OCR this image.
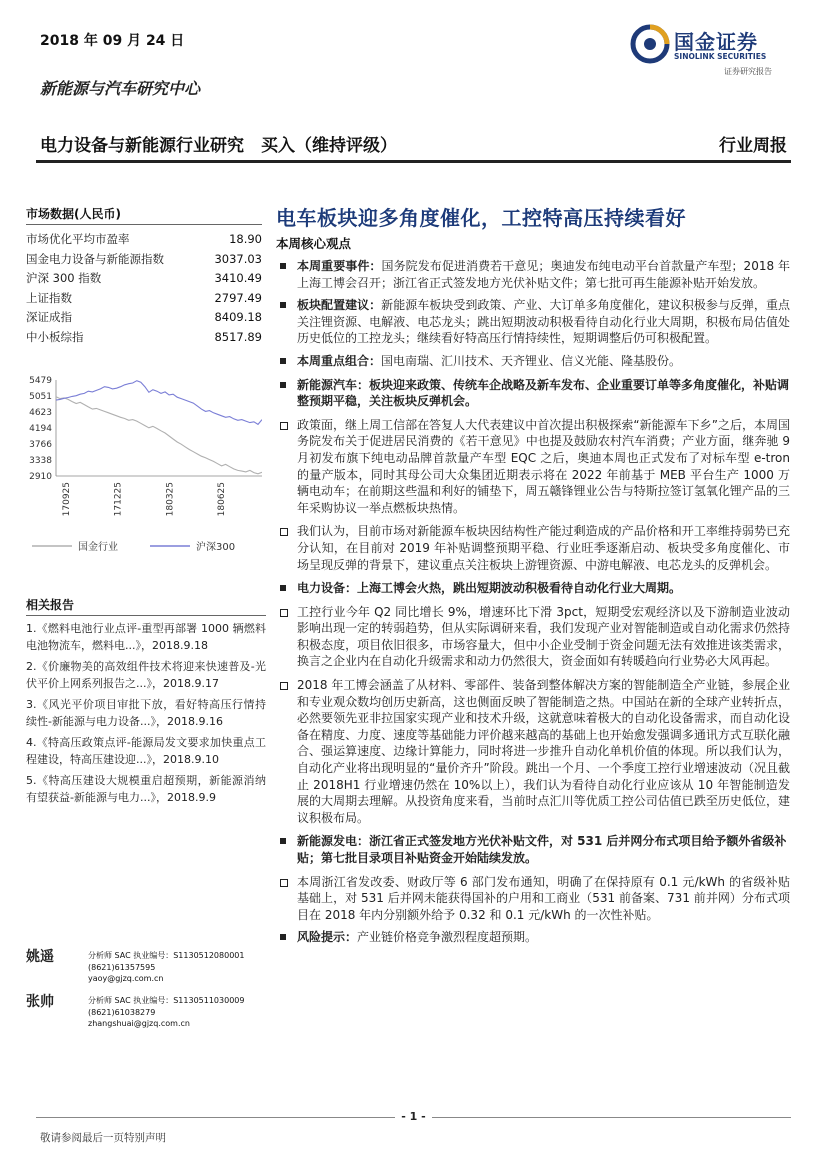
2018 年 09 月 24 日	国金证券
SINOLINK SECURITIES
证券研究报告
新能源与汽车研究中心
电力设备与新能源行业研究　买入（维持评级）	行业周报
市场数据(人民币)
市场优化平均市盈率	18.90
国金电力设备与新能源指数	3037.03
沪深 300 指数	3410.49
上证指数	2797.49
深证成指	8409.18
中小板综指	8517.89
5479
5051
4623
4194
3766
3338
2910
170925	171225	180325	180625
国金行业	沪深300
相关报告
1.《燃料电池行业点评-重型再部署 1000 辆燃料电池物流车，燃料电...》，2018.9.18
2.《价廉物美的高效组件技术将迎来快速普及-光伏平价上网系列报告之...》，2018.9.17
3.《风光平价项目审批下放，看好特高压行情持续性-新能源与电力设备...》，2018.9.16
4.《特高压政策点评-能源局发文要求加快重点工程建设，特高压建设迎...》，2018.9.10
5.《特高压建设大规模重启超预期，新能源消纳有望获益-新能源与电力...》，2018.9.9
姚遥	分析师 SAC 执业编号：S1130512080001
(8621)61357595
yaoy@gjzq.com.cn
张帅	分析师 SAC 执业编号：S1130511030009
(8621)61038279
zhangshuai@gjzq.com.cn
电车板块迎多角度催化，工控特高压持续看好
本周核心观点
本周重要事件：国务院发布促进消费若干意见；奥迪发布纯电动平台首款量产车型；2018 年上海工博会召开；浙江省正式签发地方光伏补贴文件；第七批可再生能源补贴开始发放。
板块配置建议：新能源车板块受到政策、产业、大订单多角度催化，建议积极参与反弹，重点关注锂资源、电解液、电芯龙头；跳出短期波动积极看待自动化行业大周期，积极布局估值处历史低位的工控龙头；继续看好特高压行情持续性，短期调整后仍可积极配置。
本周重点组合：国电南瑞、汇川技术、天齐锂业、信义光能、隆基股份。
新能源汽车：板块迎来政策、传统车企战略及新车发布、企业重要订单等多角度催化，补贴调整预期平稳，关注板块反弹机会。
政策面，继上周工信部在答复人大代表建议中首次提出积极探索“新能源车下乡”之后，本周国务院发布关于促进居民消费的《若干意见》中也提及鼓励农村汽车消费；产业方面，继奔驰 9 月初发布旗下纯电动品牌首款量产车型 EQC 之后，奥迪本周也正式发布了对标车型 e-tron 的量产版本，同时其母公司大众集团近期表示将在 2022 年前基于 MEB 平台生产 1000 万辆电动车；在前期这些温和利好的铺垫下，周五赣锋锂业公告与特斯拉签订氢氧化锂产品的三年采购协议一举点燃板块热情。
我们认为，目前市场对新能源车板块因结构性产能过剩造成的产品价格和开工率维持弱势已充分认知，在目前对 2019 年补贴调整预期平稳、行业旺季逐渐启动、板块受多角度催化、市场呈现反弹的背景下，建议重点关注板块上游锂资源、中游电解液、电芯龙头的反弹机会。
电力设备：上海工博会火热，跳出短期波动积极看待自动化行业大周期。
工控行业今年 Q2 同比增长 9%，增速环比下滑 3pct，短期受宏观经济以及下游制造业波动影响出现一定的转弱趋势，但从实际调研来看，我们发现产业对智能制造或自动化需求仍然持积极态度，项目依旧很多，市场容量大，但中小企业受制于资金问题无法有效推进该类需求，换言之企业内在自动化升级需求和动力仍然很大，资金面如有转暖趋向行业势必大风再起。
2018 年工博会涵盖了从材料、零部件、装备到整体解决方案的智能制造全产业链，参展企业和专业观众数均创历史新高，这也侧面反映了智能制造之热。中国站在新的全球产业转折点，必然要领先亚非拉国家实现产业和技术升级，这就意味着极大的自动化设备需求，而自动化设备在精度、力度、速度等基础能力评价越来越高的基础上也开始愈发强调多通讯方式互联化融合、强运算速度、边缘计算能力，同时将进一步推升自动化单机价值的体现。所以我们认为，自动化产业将出现明显的“量价齐升”阶段。跳出一个月、一个季度工控行业增速波动（况且截止 2018H1 行业增速仍然在 10%以上），我们认为看待自动化行业应该从 10 年智能制造发展的大周期去理解。从投资角度来看，当前时点汇川等优质工控公司估值已跌至历史低位，建议积极布局。
新能源发电：浙江省正式签发地方光伏补贴文件，对 531 后并网分布式项目给予额外省级补贴；第七批目录项目补贴资金开始陆续发放。
本周浙江省发改委、财政厅等 6 部门发布通知，明确了在保持原有 0.1 元/kWh 的省级补贴基础上，对 531 后并网未能获得国补的户用和工商业（531 前备案、731 前并网）分布式项目在 2018 年内分别额外给予 0.32 和 0.1 元/kWh 的一次性补贴。
风险提示：产业链价格竞争激烈程度超预期。
- 1 -
敬请参阅最后一页特别声明
